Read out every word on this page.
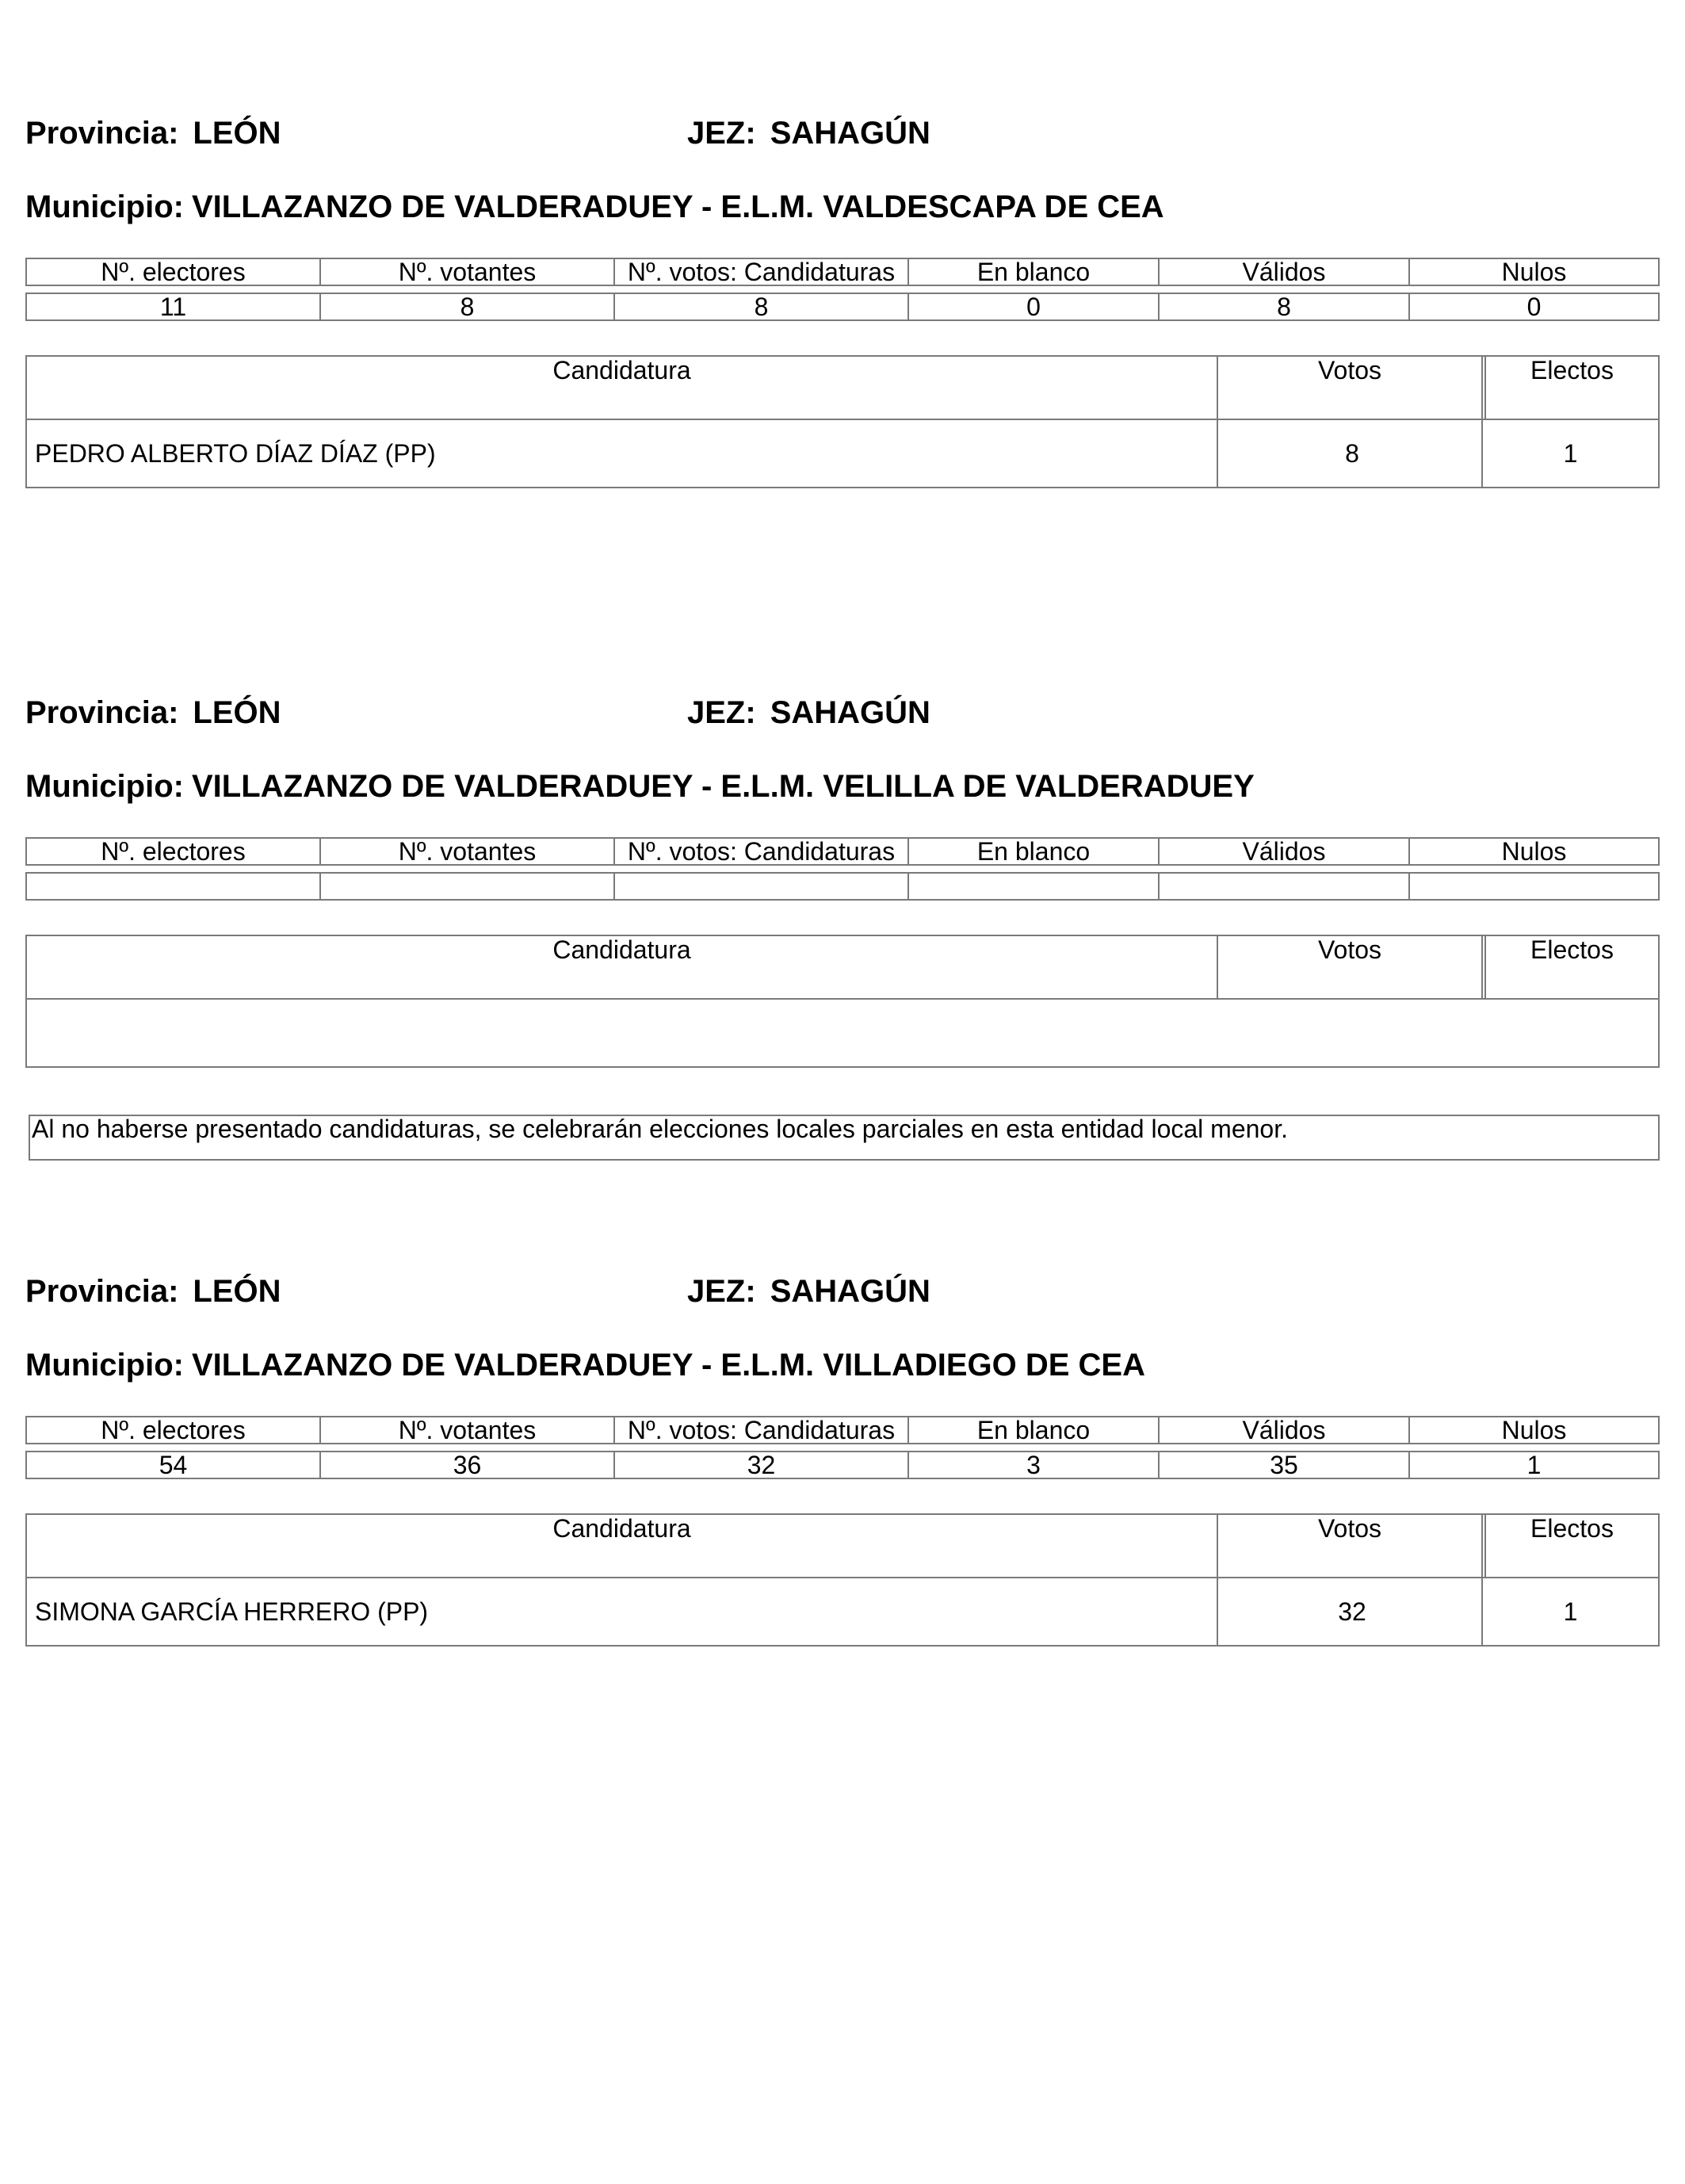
Provincia: LEÓN	JEZ: SAHAGÚN
Municipio: VILLAZANZO DE VALDERADUEY - E.L.M. VALDESCAPA DE CEA
Nº. electores	Nº. votantes	Nº. votos: Candidaturas	En blanco	Válidos	Nulos
11	8	8	0	8	0
Candidatura	Votos	Electos
PEDRO ALBERTO DÍAZ DÍAZ (PP)	8	1
Provincia: LEÓN	JEZ: SAHAGÚN
Municipio: VILLAZANZO DE VALDERADUEY - E.L.M. VELILLA DE VALDERADUEY
Nº. electores	Nº. votantes	Nº. votos: Candidaturas	En blanco	Válidos	Nulos
Candidatura	Votos	Electos
Al no haberse presentado candidaturas, se celebrarán elecciones locales parciales en esta entidad local menor.
Provincia: LEÓN	JEZ: SAHAGÚN
Municipio: VILLAZANZO DE VALDERADUEY - E.L.M. VILLADIEGO DE CEA
Nº. electores	Nº. votantes	Nº. votos: Candidaturas	En blanco	Válidos	Nulos
54	36	32	3	35	1
Candidatura	Votos	Electos
SIMONA GARCÍA HERRERO (PP)	32	1
